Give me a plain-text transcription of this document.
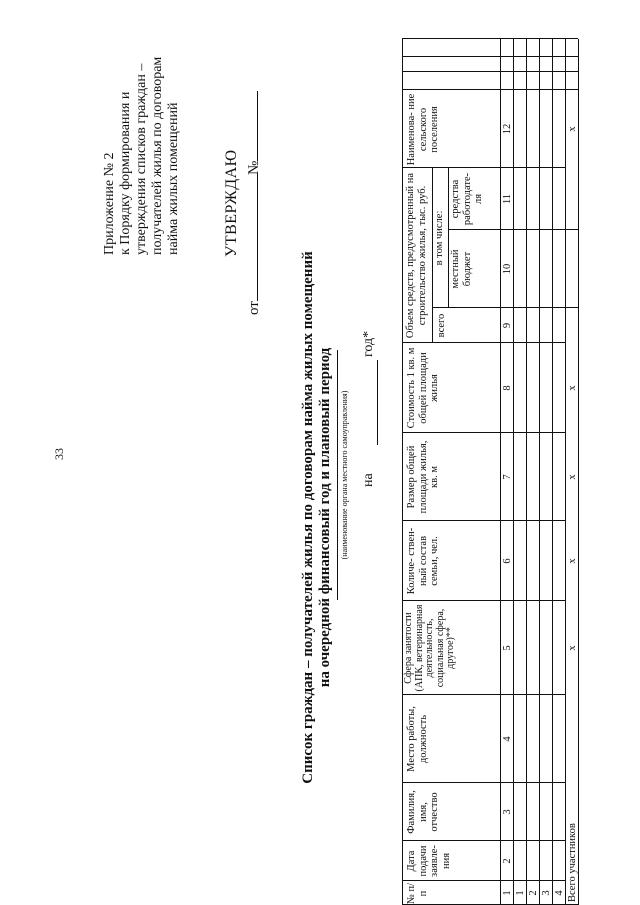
33
Приложение № 2 к Порядку формирования и утверждения списков граждан – получателей жилья по договорам найма жилых помещений	УТВЕРЖДАЮ
от
№
Список граждан – получателей жилья по договорам найма жилых помещений на очередной финансовый год и плановый период (наименование органа местного самоуправления) на
год*
№ п/п
Дата подачи заявле- ния
Фамилия, имя, отчество
Место работы, должность
Сфера занятости (АПК, ветеринарная деятельность, социальная сфера, другое)**
Количе- ствен- ный состав семьи, чел.
Размер общей площади жилья, кв. м
Стоимость 1 кв. м общей площади жилья
Объем средств, предусмотренный на строительство жилья, тыс. руб.
всего
в том числе:
местный бюджет
средства работодате- ля
Наименова- ние сельского поселения
1
2
3
4
5
6
7
8
9
10
11
12
1 2 3 4 Всего участников
х
х
х
х
х
